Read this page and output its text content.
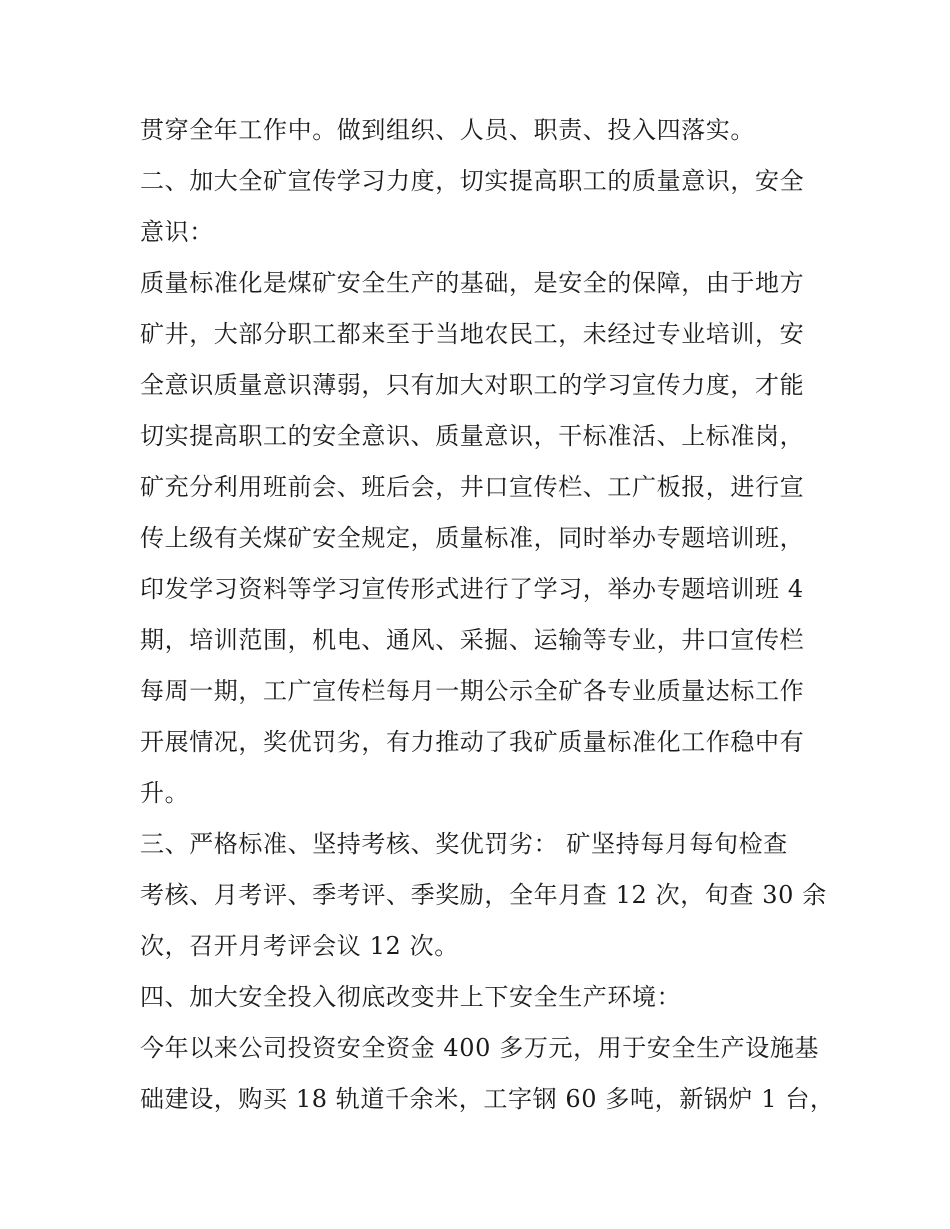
贯穿全年工作中。做到组织、人员、职责、投入四落实。
二、加大全矿宣传学习力度，切实提高职工的质量意识，安全
意识：
质量标准化是煤矿安全生产的基础，是安全的保障，由于地方
矿井，大部分职工都来至于当地农民工，未经过专业培训，安
全意识质量意识薄弱，只有加大对职工的学习宣传力度，才能
切实提高职工的安全意识、质量意识，干标准活、上标准岗，
矿充分利用班前会、班后会，井口宣传栏、工广板报，进行宣
传上级有关煤矿安全规定，质量标准，同时举办专题培训班，
印发学习资料等学习宣传形式进行了学习，举办专题培训班 4
期，培训范围，机电、通风、采掘、运输等专业，井口宣传栏
每周一期，工广宣传栏每月一期公示全矿各专业质量达标工作
开展情况，奖优罚劣，有力推动了我矿质量标准化工作稳中有
升。
三、严格标准、坚持考核、奖优罚劣： 矿坚持每月每旬检查
考核、月考评、季考评、季奖励，全年月查 12 次，旬查 30 余
次，召开月考评会议 12 次。
四、加大安全投入彻底改变井上下安全生产环境：
今年以来公司投资安全资金 400 多万元，用于安全生产设施基
础建设，购买 18 轨道千余米，工字钢 60 多吨，新锅炉 1 台，
